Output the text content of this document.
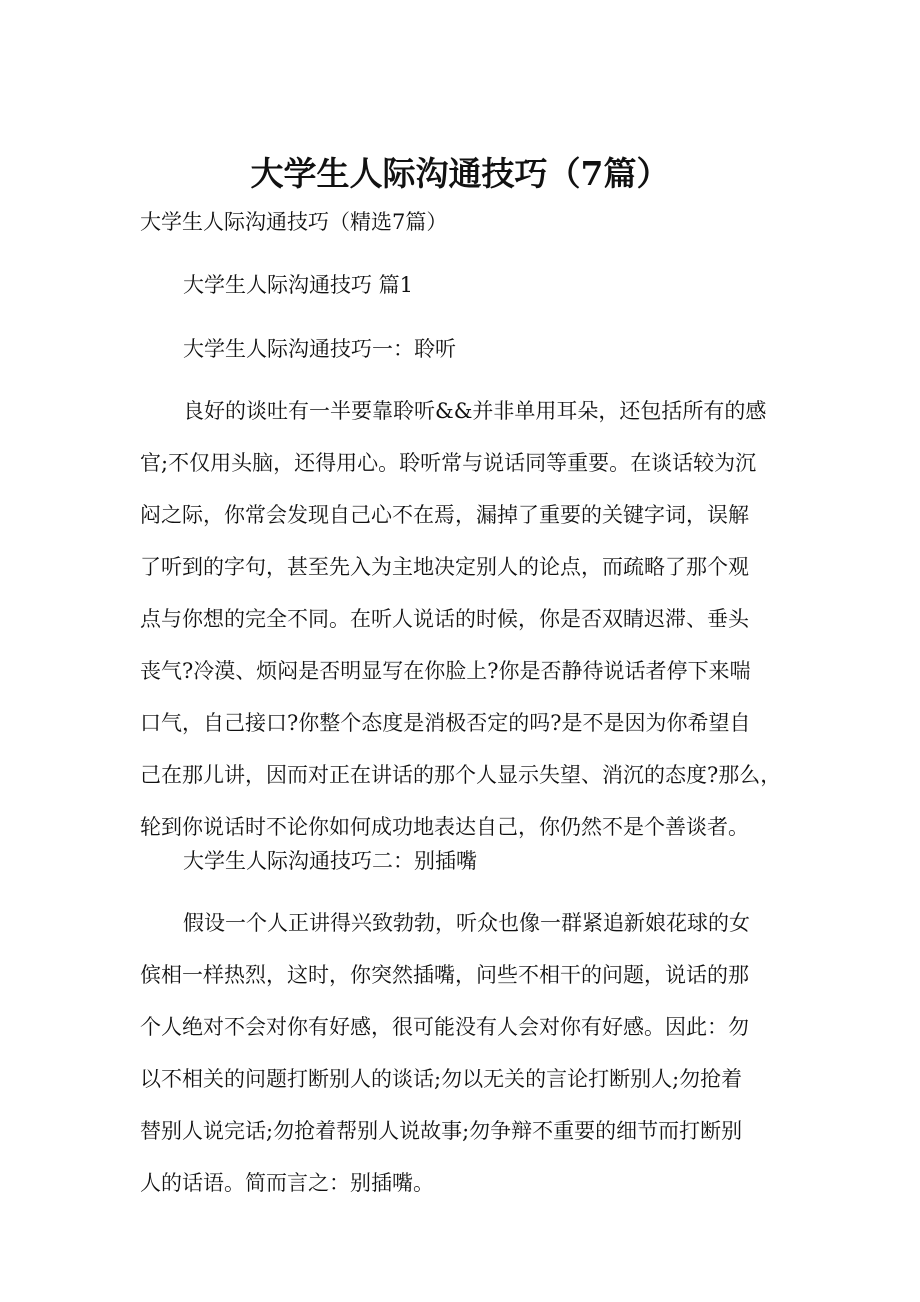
大学生人际沟通技巧（7篇）
大学生人际沟通技巧（精选7篇）
大学生人际沟通技巧 篇1
大学生人际沟通技巧一：聆听
良好的谈吐有一半要靠聆听&&并非单用耳朵，还包括所有的感
官;不仅用头脑，还得用心。聆听常与说话同等重要。在谈话较为沉
闷之际，你常会发现自己心不在焉，漏掉了重要的关键字词，误解
了听到的字句，甚至先入为主地决定别人的论点，而疏略了那个观
点与你想的完全不同。在听人说话的时候，你是否双睛迟滞、垂头
丧气?冷漠、烦闷是否明显写在你脸上?你是否静待说话者停下来喘
口气，自己接口?你整个态度是消极否定的吗?是不是因为你希望自
己在那儿讲，因而对正在讲话的那个人显示失望、消沉的态度?那么，
轮到你说话时不论你如何成功地表达自己，你仍然不是个善谈者。
大学生人际沟通技巧二：别插嘴
假设一个人正讲得兴致勃勃，听众也像一群紧追新娘花球的女
傧相一样热烈，这时，你突然插嘴，问些不相干的问题，说话的那
个人绝对不会对你有好感，很可能没有人会对你有好感。因此：勿
以不相关的问题打断别人的谈话;勿以无关的言论打断别人;勿抢着
替别人说完话;勿抢着帮别人说故事;勿争辩不重要的细节而打断别
人的话语。简而言之：别插嘴。
